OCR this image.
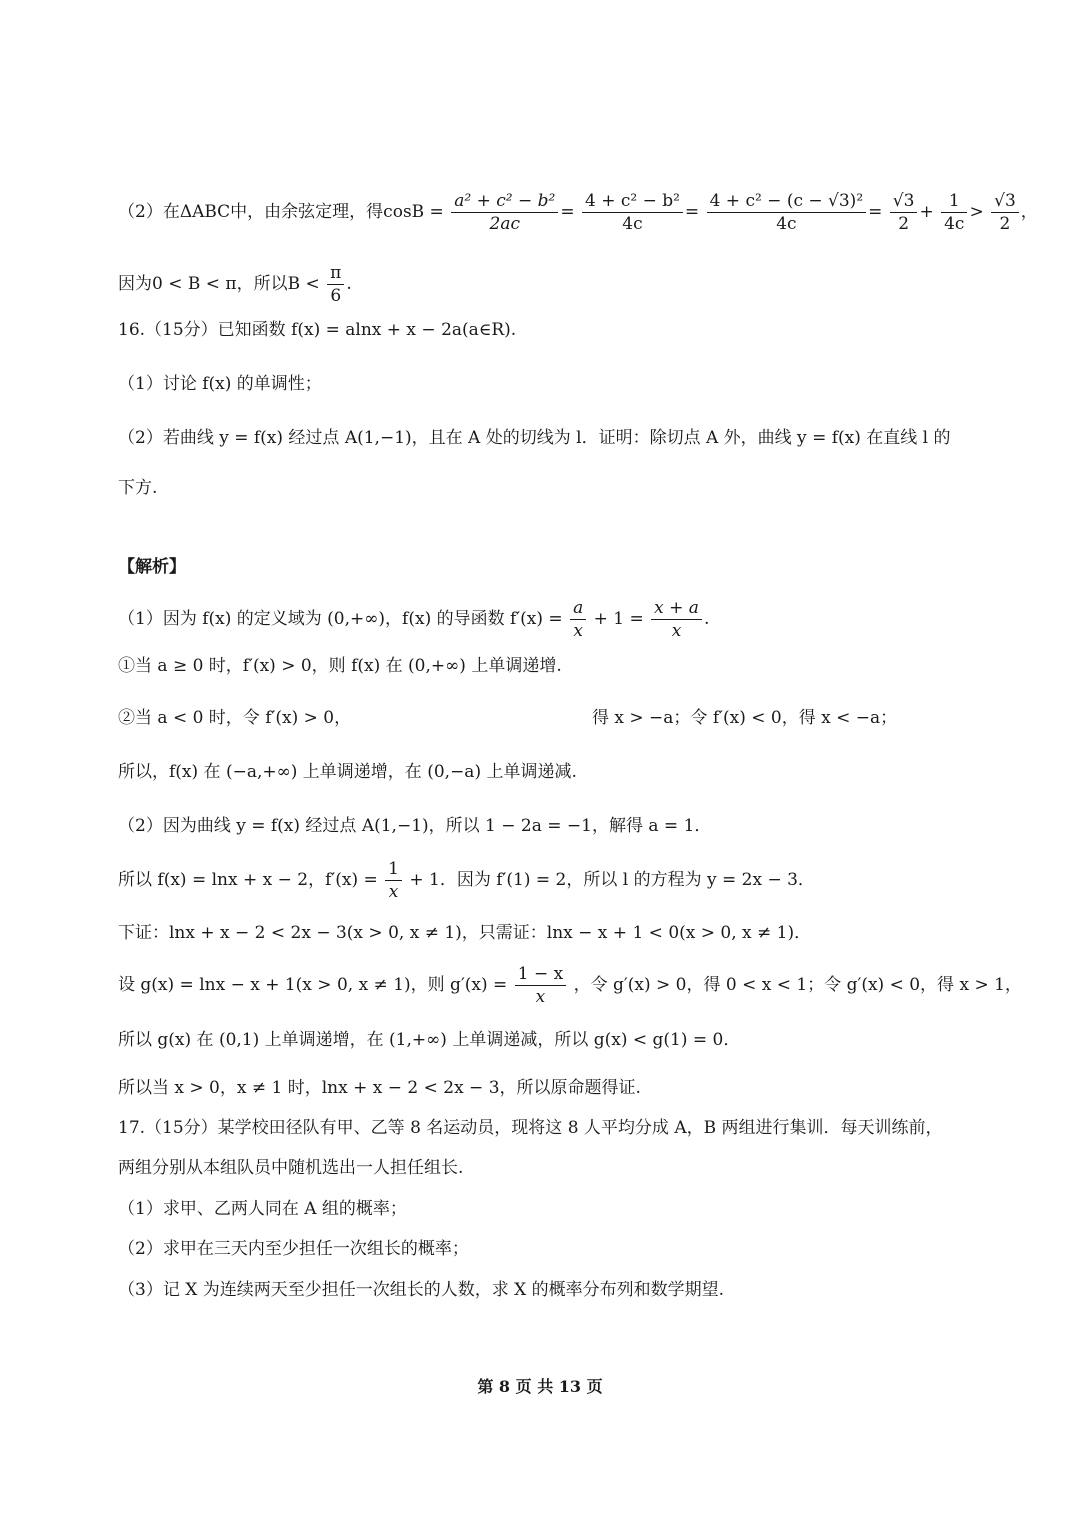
（2）在ΔABC中，由余弦定理，得$\cos B = \frac{\text{a² + c² − b²}}{2ac} = \frac{\text{4 + c² − b²}}{4c} = \frac{\text{4 + c² − (c − √3)²}}{4c} = \frac{√3}{2} + \frac{1}{4c} > \frac{√3}{2}$ ，
因为0 < B < π，所以$B < \frac{\pi}{6}$ .
16.（15分）已知函数 f(x) = alnx + x − 2a(a∈R).
（1）讨论 f(x) 的单调性；
（2）若曲线 y = f(x) 经过点 A(1,−1)，且在 A 处的切线为 l．证明：除切点 A 外，曲线 y = f(x) 在直线 l 的
下方.
【解析】
（1）因为 f(x) 的定义域为 (0,+∞)，f(x) 的导函数 $f'(x) = \frac{a}{x} + 1 = \frac{x + a}{x}$ .
①当 a ≥ 0 时，f′(x) > 0，则 f(x) 在 (0,+∞) 上单调递增.
②当 a < 0 时，令 f′(x) > 0，	得 x > −a；令 f′(x) < 0，得 x < −a；
所以，f(x) 在 (−a,+∞) 上单调递增，在 (0,−a) 上单调递减.
（2）因为曲线 y = f(x) 经过点 A(1,−1)，所以 1 − 2a = −1，解得 a = 1．
所以 f(x) = lnx + x − 2，$f'(x) = \frac{1}{x} + 1$．因为 f′(1) = 2，所以 l 的方程为 y = 2x − 3．
下证：lnx + x − 2 < 2x − 3(x > 0, x ≠ 1)，只需证：lnx − x + 1 < 0(x > 0, x ≠ 1)．
设 g(x) = lnx − x + 1(x > 0, x ≠ 1)，则 $g'(x) = \frac{1 - x}{x}$ ，令 g′(x) > 0，得 0 < x < 1；令 g′(x) < 0，得 x > 1，
所以 g(x) 在 (0,1) 上单调递增，在 (1,+∞) 上单调递减，所以 g(x) < g(1) = 0．
所以当 x > 0，x ≠ 1 时，lnx + x − 2 < 2x − 3，所以原命题得证.
17.（15分）某学校田径队有甲、乙等 8 名运动员，现将这 8 人平均分成 A，B 两组进行集训．每天训练前，
两组分别从本组队员中随机选出一人担任组长.
（1）求甲、乙两人同在 A 组的概率；
（2）求甲在三天内至少担任一次组长的概率；
（3）记 X 为连续两天至少担任一次组长的人数，求 X 的概率分布列和数学期望.
第 8 页 共 13 页
